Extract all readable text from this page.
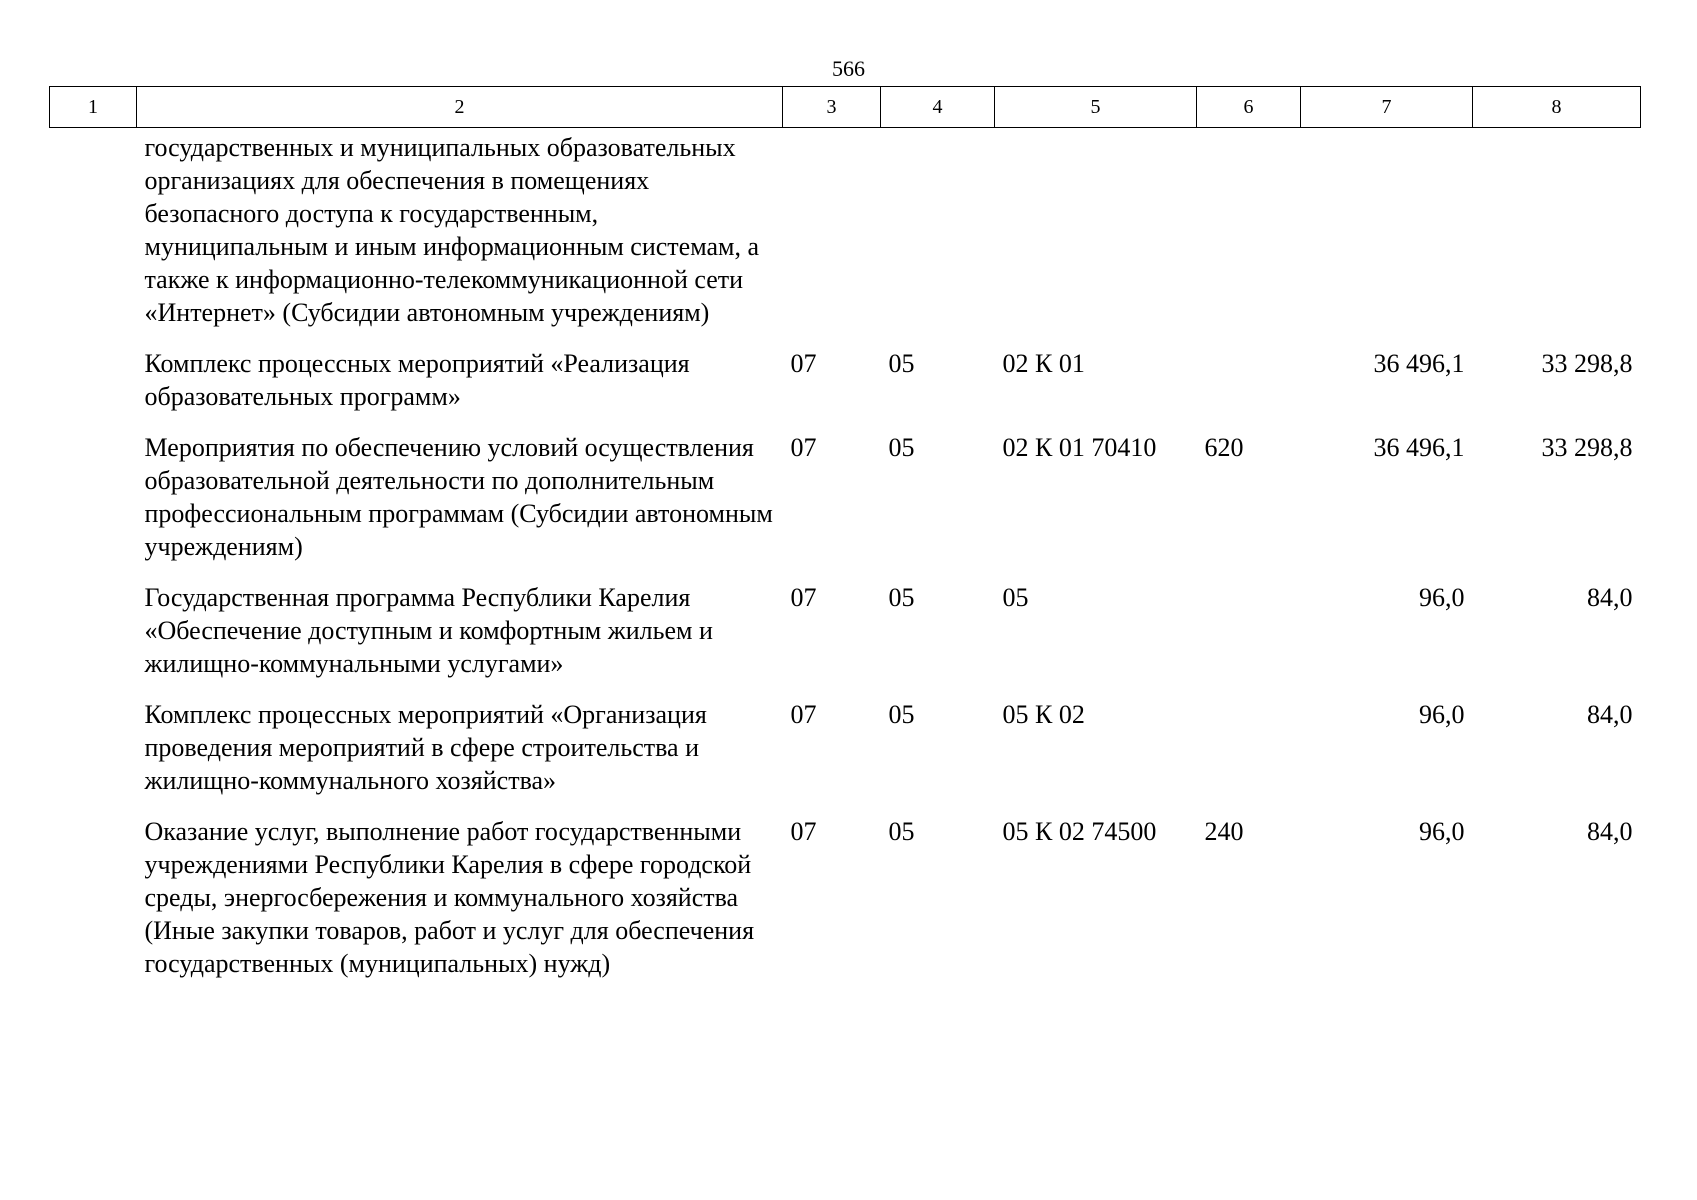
566
1	2	3	4	5	6	7	8
	государственных и муниципальных образовательных организациях для обеспечения в помещениях безопасного доступа к государственным, муниципальным и иным информационным системам, а также к информационно-телекоммуникационной сети «Интернет» (Субсидии автономным учреждениям)						
	Комплекс процессных мероприятий «Реализация образовательных программ»	07	05	02 К 01		36 496,1	33 298,8
	Мероприятия по обеспечению условий осуществления образовательной деятельности по дополнительным профессиональным программам (Субсидии автономным учреждениям)	07	05	02 К 01 70410	620	36 496,1	33 298,8
	Государственная программа Республики Карелия «Обеспечение доступным и комфортным жильем и жилищно-коммунальными услугами»	07	05	05		96,0	84,0
	Комплекс процессных мероприятий «Организация проведения мероприятий в сфере строительства и жилищно-коммунального хозяйства»	07	05	05 К 02		96,0	84,0
	Оказание услуг, выполнение работ государственными учреждениями Республики Карелия в сфере городской среды, энергосбережения и коммунального хозяйства (Иные закупки товаров, работ и услуг для обеспечения государственных (муниципальных) нужд)	07	05	05 К 02 74500	240	96,0	84,0
